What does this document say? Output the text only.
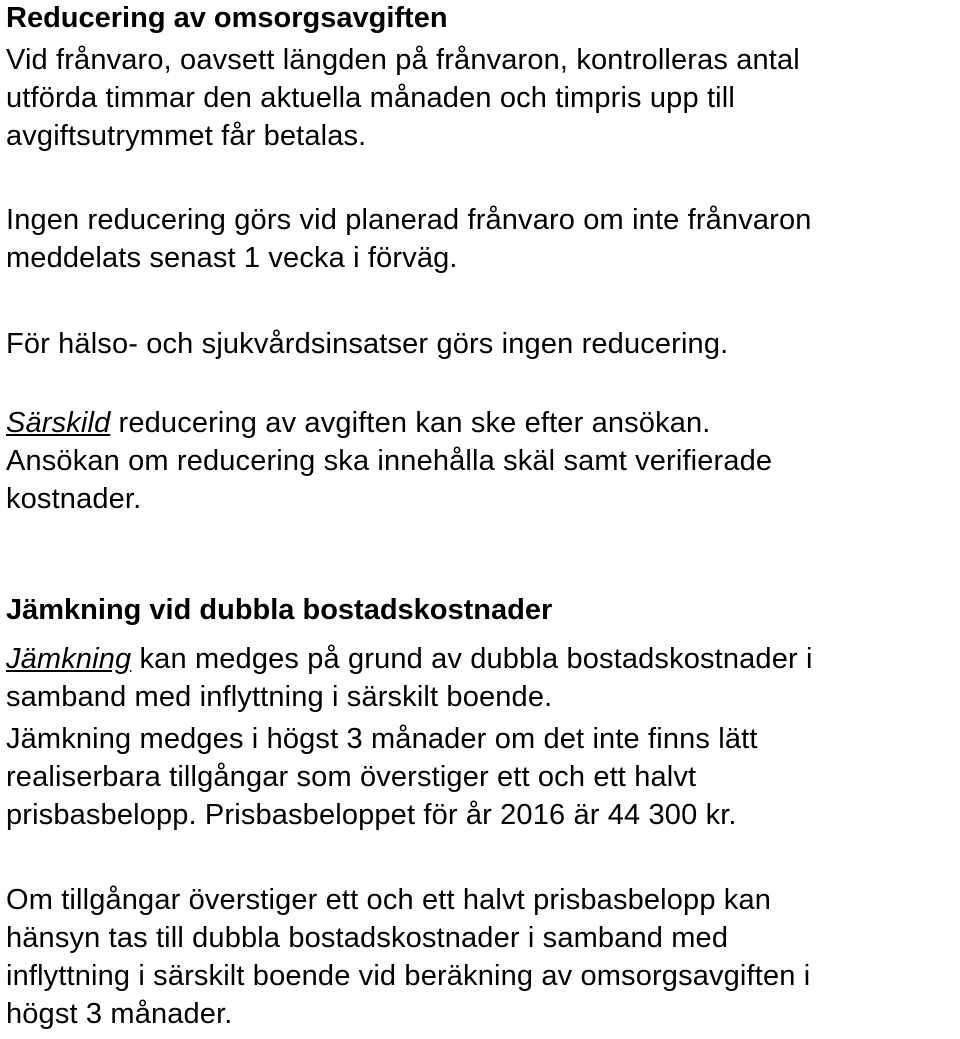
Reducering av omsorgsavgiften

Vid frånvaro, oavsett längden på frånvaron, kontrolleras antal
utförda timmar den aktuella månaden och timpris upp till
avgiftsutrymmet får betalas.

Ingen reducering görs vid planerad frånvaro om inte frånvaron
meddelats senast 1 vecka i förväg.

För hälso- och sjukvårdsinsatser görs ingen reducering.

Särskild reducering av avgiften kan ske efter ansökan.
Ansökan om reducering ska innehålla skäl samt verifierade
kostnader.

Jämkning vid dubbla bostadskostnader

Jämkning kan medges på grund av dubbla bostadskostnader i
samband med inflyttning i särskilt boende.

Jämkning medges i högst 3 månader om det inte finns lätt
realiserbara tillgångar som överstiger ett och ett halvt
prisbasbelopp. Prisbasbeloppet för år 2016 är 44 300 kr.

Om tillgångar överstiger ett och ett halvt prisbasbelopp kan
hänsyn tas till dubbla bostadskostnader i samband med
inflyttning i särskilt boende vid beräkning av omsorgsavgiften i
högst 3 månader.
